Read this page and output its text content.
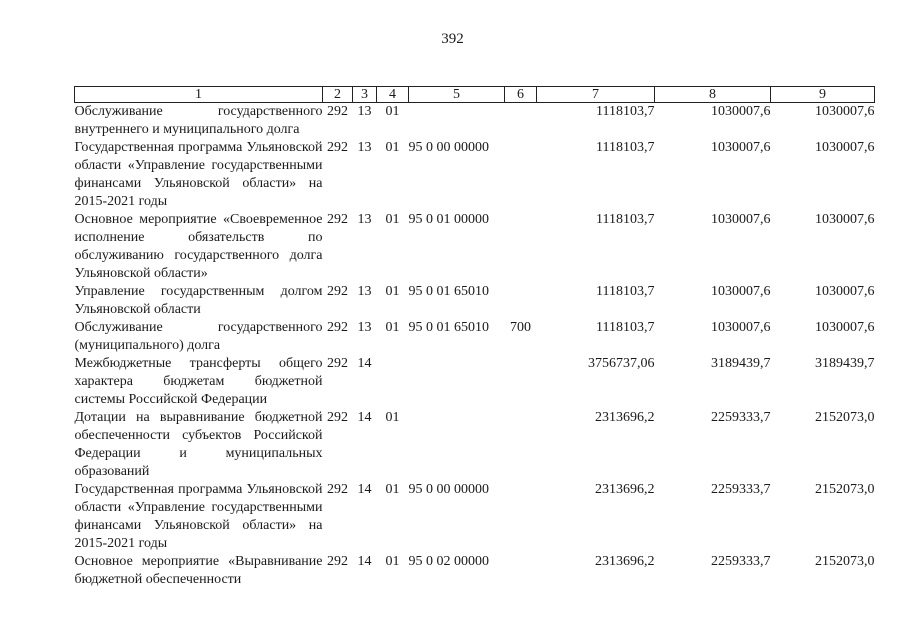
392
1	2	3	4	5	6	7	8	9
Обслуживание государственного внутреннего и муниципального долга	292	13	01			1118103,7	1030007,6	1030007,6
Государственная программа Ульяновской области «Управление государственными финансами Ульяновской области» на 2015-2021 годы	292	13	01	95 0 00 00000		1118103,7	1030007,6	1030007,6
Основное мероприятие «Своевременное исполнение обязательств по обслуживанию государственного долга Ульяновской области»	292	13	01	95 0 01 00000		1118103,7	1030007,6	1030007,6
Управление государственным долгом Ульяновской области	292	13	01	95 0 01 65010		1118103,7	1030007,6	1030007,6
Обслуживание государственного (муниципального) долга	292	13	01	95 0 01 65010	700	1118103,7	1030007,6	1030007,6
Межбюджетные трансферты общего характера бюджетам бюджетной системы Российской Федерации	292	14				3756737,06	3189439,7	3189439,7
Дотации на выравнивание бюджетной обеспеченности субъектов Российской Федерации и муниципальных образований	292	14	01			2313696,2	2259333,7	2152073,0
Государственная программа Ульяновской области «Управление государственными финансами Ульяновской области» на 2015-2021 годы	292	14	01	95 0 00 00000		2313696,2	2259333,7	2152073,0
Основное мероприятие «Выравнивание бюджетной обеспеченности	292	14	01	95 0 02 00000		2313696,2	2259333,7	2152073,0
